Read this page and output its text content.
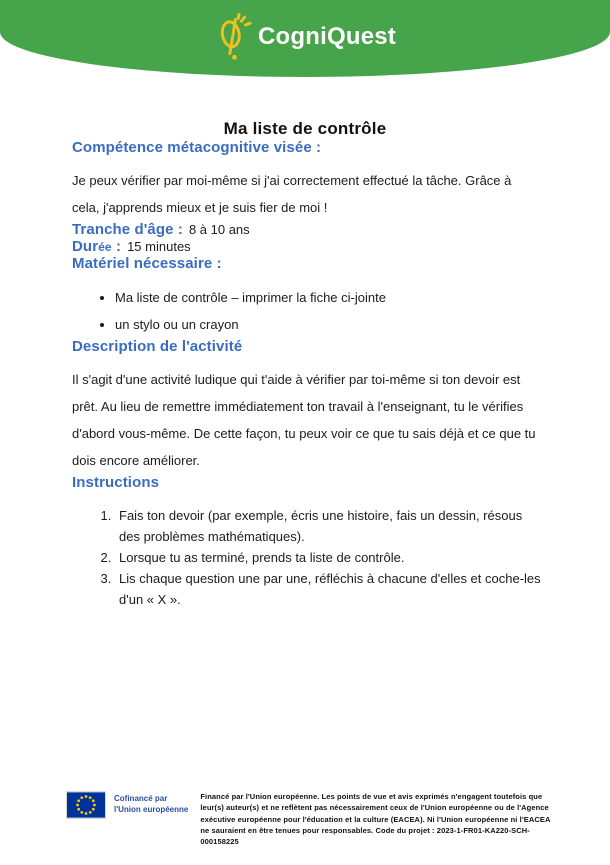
CogniQuest
Ma liste de contrôle
Compétence métacognitive visée :

Je peux vérifier par moi-même si j'ai correctement effectué la tâche. Grâce à cela, j'apprends mieux et je suis fier de moi !

Tranche d'âge : 8 à 10 ans
Durée : 15 minutes
Matériel nécessaire :
• Ma liste de contrôle – imprimer la fiche ci-jointe
• un stylo ou un crayon
Description de l'activité

Il s'agit d'une activité ludique qui t'aide à vérifier par toi-même si ton devoir est prêt. Au lieu de remettre immédiatement ton travail à l'enseignant, tu le vérifies d'abord vous-même. De cette façon, tu peux voir ce que tu sais déjà et ce que tu dois encore améliorer.

Instructions
1. Fais ton devoir (par exemple, écris une histoire, fais un dessin, résous des problèmes mathématiques).
2. Lorsque tu as terminé, prends ta liste de contrôle.
3. Lis chaque question une par une, réfléchis à chacune d'elles et coche-les d'un « X ».
Cofinancé par
l'Union européenne
Financé par l'Union européenne. Les points de vue et avis exprimés n'engagent toutefois que leur(s) auteur(s) et ne reflètent pas nécessairement ceux de l'Union européenne ou de l'Agence exécutive européenne pour l'éducation et la culture (EACEA). Ni l'Union européenne ni l'EACEA ne sauraient en être tenues pour responsables. Code du projet : 2023-1-FR01-KA220-SCH-000158225
